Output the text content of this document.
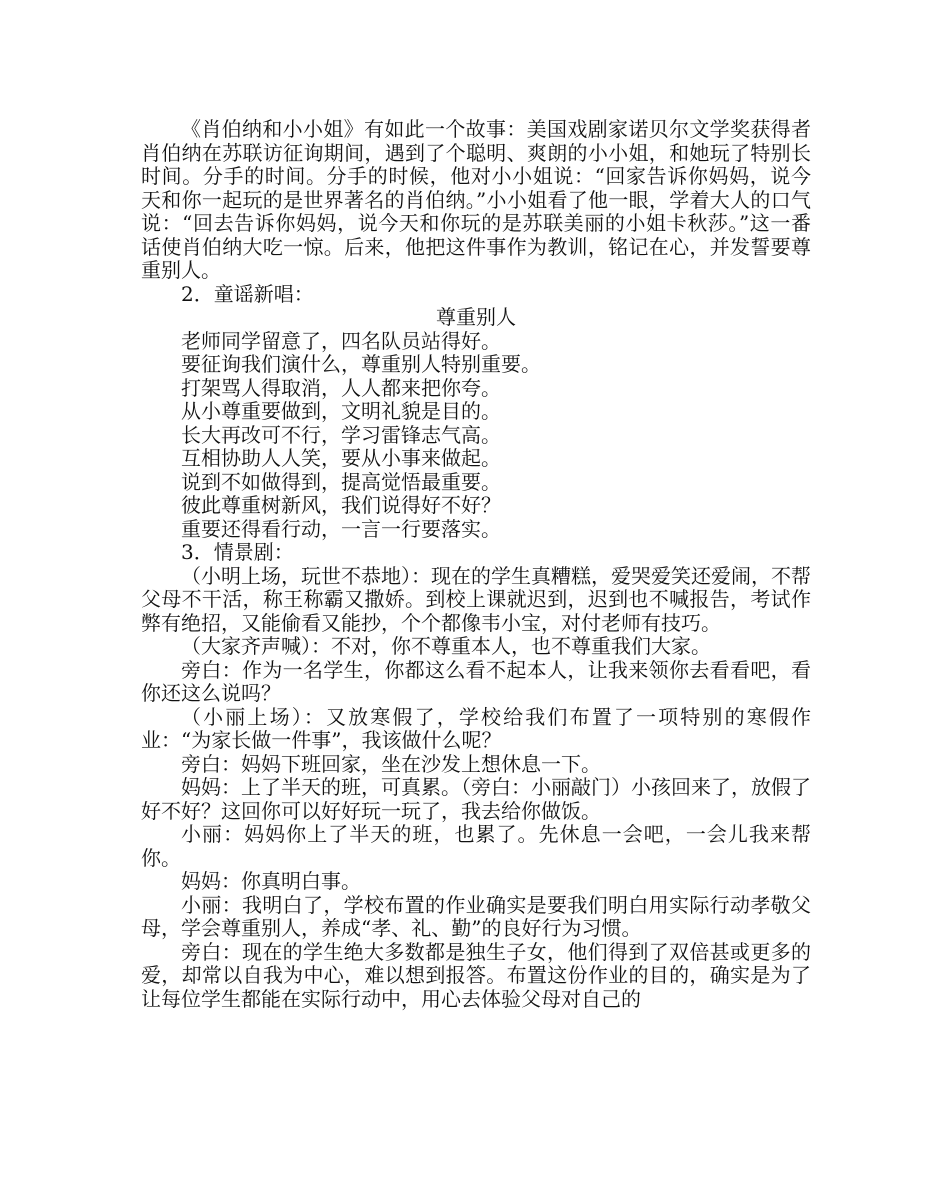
《肖伯纳和小小姐》有如此一个故事：美国戏剧家诺贝尔文学奖获得者肖伯纳在苏联访征询期间，遇到了个聪明、爽朗的小小姐，和她玩了特别长时间。分手的时间。分手的时候，他对小小姐说：“回家告诉你妈妈，说今天和你一起玩的是世界著名的肖伯纳。”小小姐看了他一眼，学着大人的口气说：“回去告诉你妈妈，说今天和你玩的是苏联美丽的小姐卡秋莎。”这一番话使肖伯纳大吃一惊。后来，他把这件事作为教训，铭记在心，并发誓要尊重别人。

2．童谣新唱：

尊重别人

老师同学留意了，四名队员站得好。

要征询我们演什么，尊重别人特别重要。

打架骂人得取消，人人都来把你夸。

从小尊重要做到，文明礼貌是目的。

长大再改可不行，学习雷锋志气高。

互相协助人人笑，要从小事来做起。

说到不如做得到，提高觉悟最重要。

彼此尊重树新风，我们说得好不好？

重要还得看行动，一言一行要落实。

3．情景剧：

（小明上场，玩世不恭地）：现在的学生真糟糕，爱哭爱笑还爱闹，不帮父母不干活，称王称霸又撒娇。到校上课就迟到，迟到也不喊报告，考试作弊有绝招，又能偷看又能抄，个个都像韦小宝，对付老师有技巧。

（大家齐声喊）：不对，你不尊重本人，也不尊重我们大家。

旁白：作为一名学生，你都这么看不起本人，让我来领你去看看吧，看你还这么说吗？

（小丽上场）：又放寒假了，学校给我们布置了一项特别的寒假作业：“为家长做一件事”，我该做什么呢？

旁白：妈妈下班回家，坐在沙发上想休息一下。

妈妈：上了半天的班，可真累。（旁白：小丽敲门）小孩回来了，放假了好不好？这回你可以好好玩一玩了，我去给你做饭。

小丽：妈妈你上了半天的班，也累了。先休息一会吧，一会儿我来帮你。

妈妈：你真明白事。

小丽：我明白了，学校布置的作业确实是要我们明白用实际行动孝敬父母，学会尊重别人，养成“孝、礼、勤”的良好行为习惯。

旁白：现在的学生绝大多数都是独生子女，他们得到了双倍甚或更多的爱，却常以自我为中心，难以想到报答。布置这份作业的目的，确实是为了让每位学生都能在实际行动中，用心去体验父母对自己的
